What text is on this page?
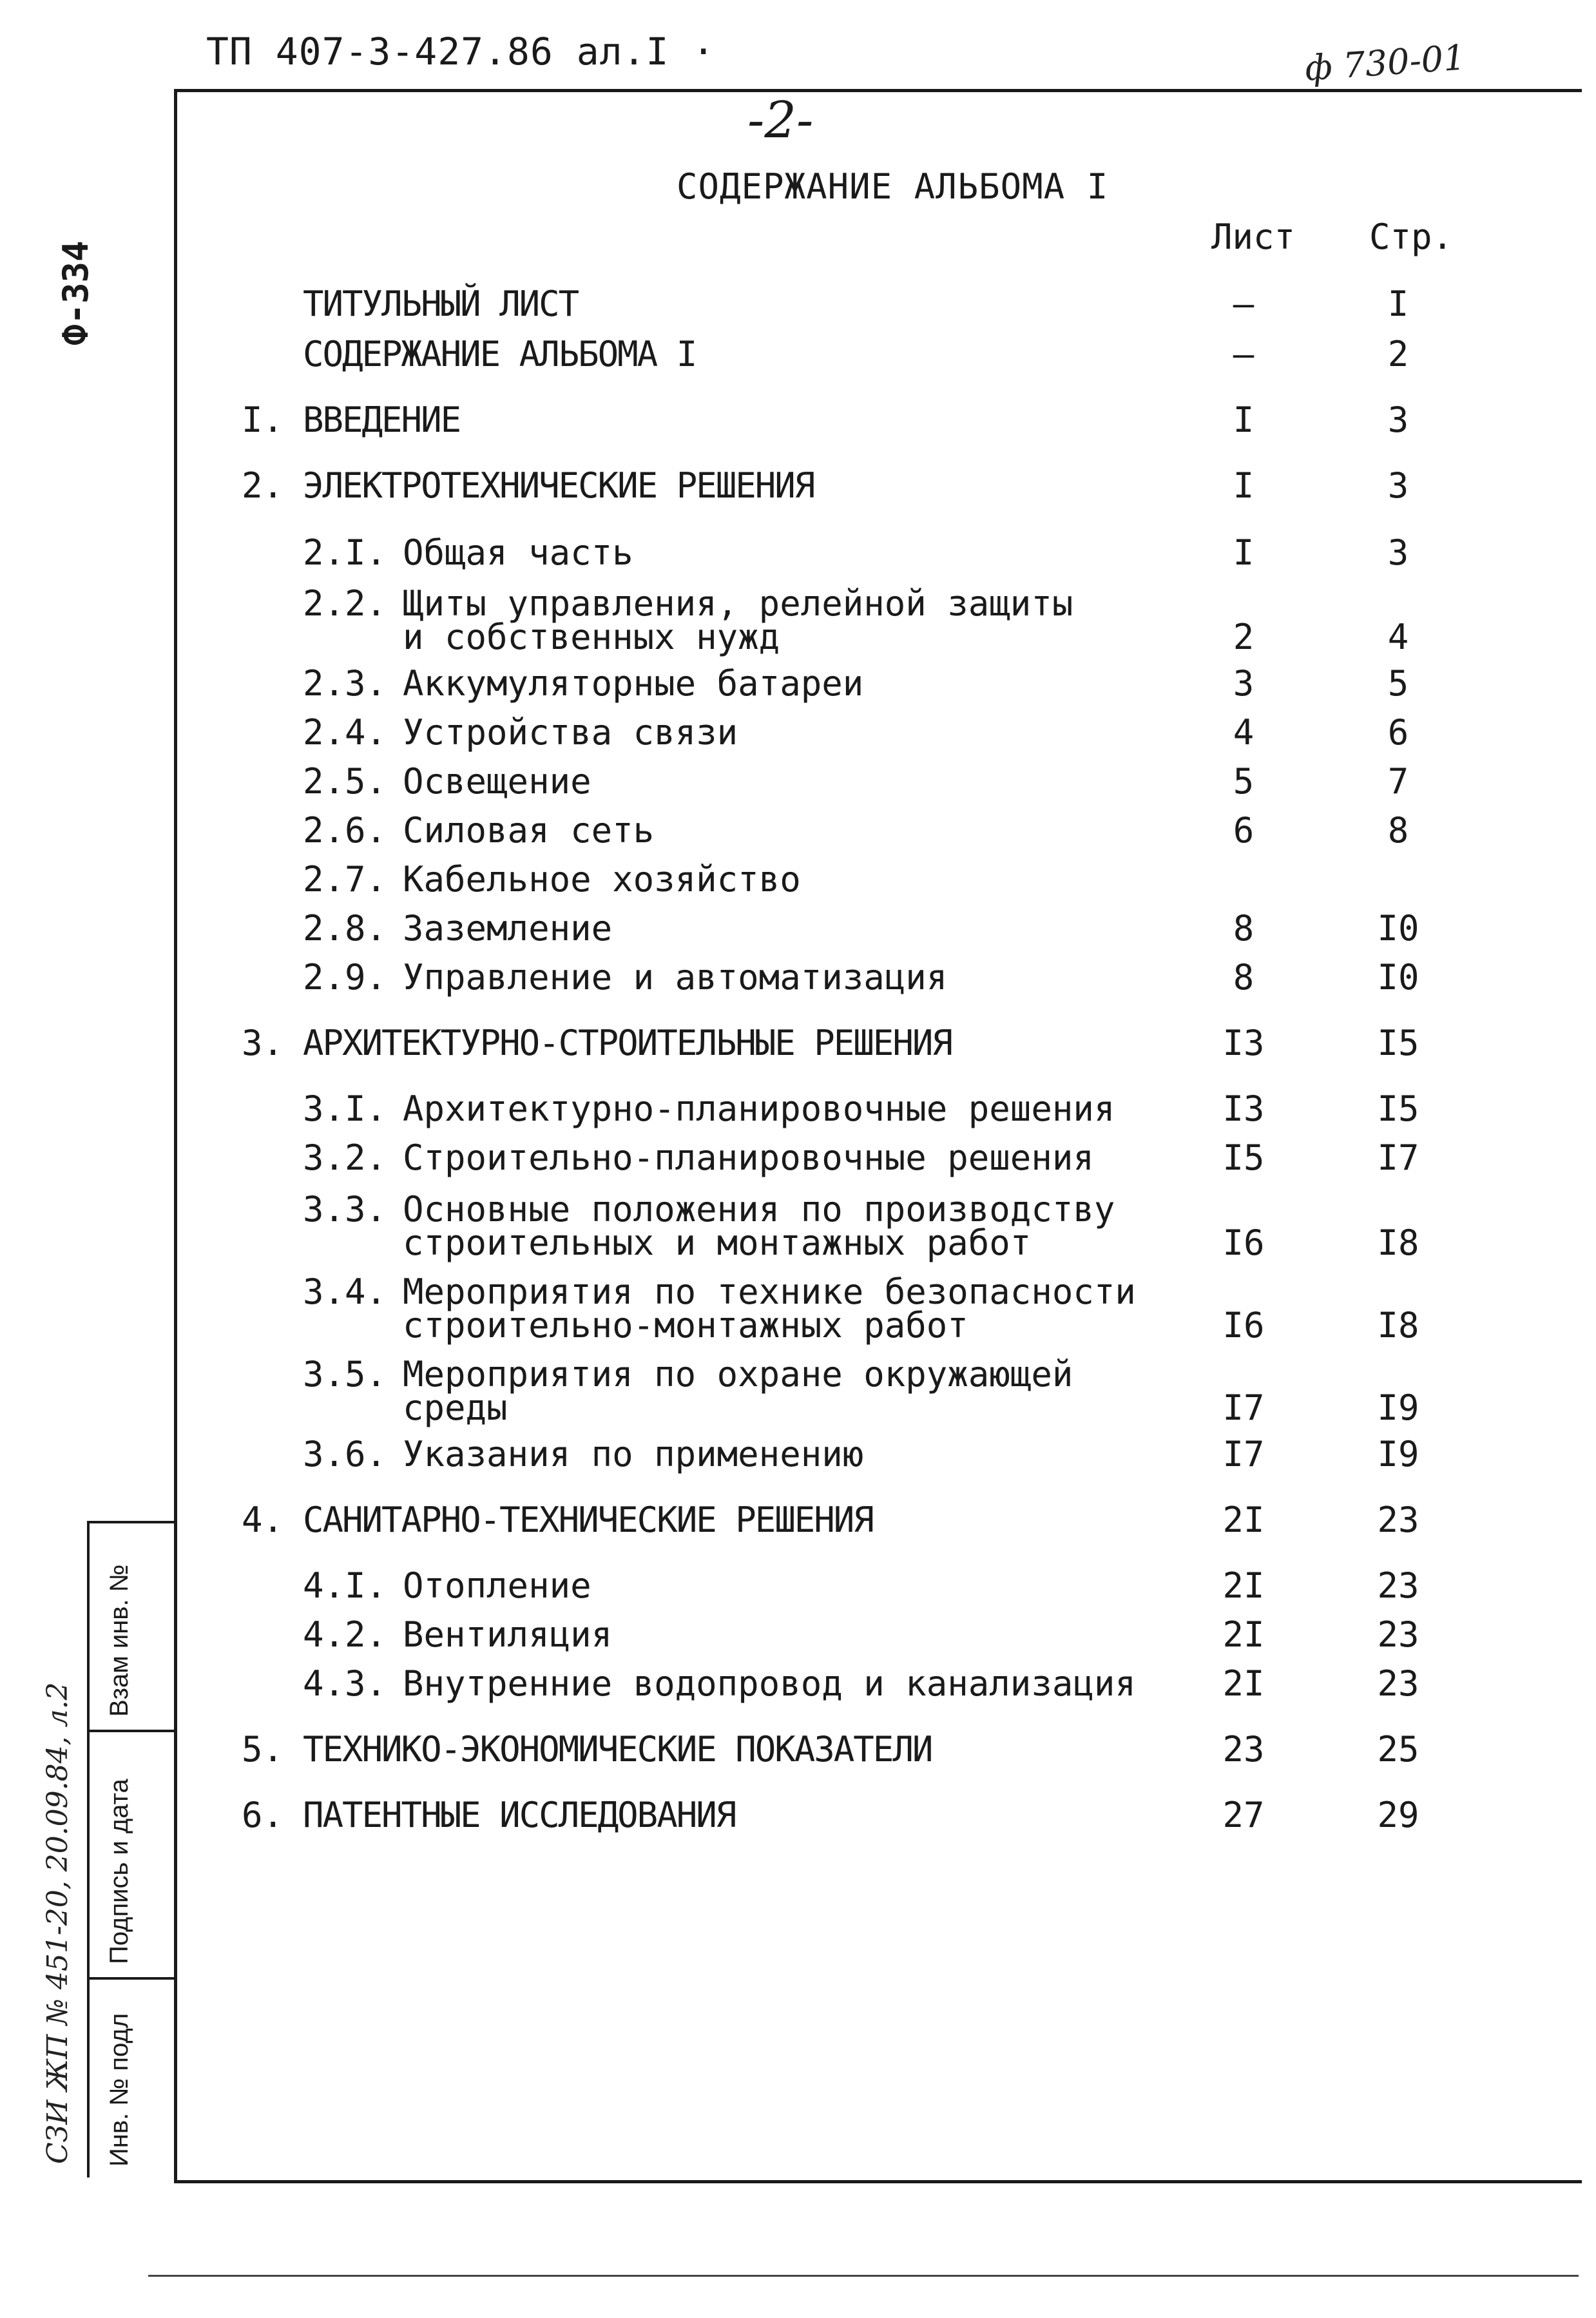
ТП 407-3-427.86 ал.I ·	ф 730-01
-2-
Ф-334
СОДЕРЖАНИЕ АЛЬБОМА I
Лист Стр.
ТИТУЛЬНЫЙ ЛИСТ	–	I
СОДЕРЖАНИЕ АЛЬБОМА I	–	2
I. ВВЕДЕНИЕ	I	3
2. ЭЛЕКТРОТЕХНИЧЕСКИЕ РЕШЕНИЯ	I	3
2.I. Общая часть	I	3
2.2. Щиты управления, релейной защиты
и собственных нужд	2	4
2.3. Аккумуляторные батареи	3	5
2.4. Устройства связи	4	6
2.5. Освещение	5	7
2.6. Силовая сеть	6	8
2.7. Кабельное хозяйство
2.8. Заземление	8	I0
2.9. Управление и автоматизация	8	I0
3. АРХИТЕКТУРНО-СТРОИТЕЛЬНЫЕ РЕШЕНИЯ	I3	I5
3.I. Архитектурно-планировочные решения	I3	I5
3.2. Строительно-планировочные решения	I5	I7
3.3. Основные положения по производству
строительных и монтажных работ	I6	I8
3.4. Мероприятия по технике безопасности
строительно-монтажных работ	I6	I8
3.5. Мероприятия по охране окружающей
среды	I7	I9
3.6. Указания по применению	I7	I9
4. САНИТАРНО-ТЕХНИЧЕСКИЕ РЕШЕНИЯ	2I	23
4.I. Отопление	2I	23
4.2. Вентиляция	2I	23
4.3. Внутренние водопровод и канализация	2I	23
5. ТЕХНИКО-ЭКОНОМИЧЕСКИЕ ПОКАЗАТЕЛИ	23	25
6. ПАТЕНТНЫЕ ИССЛЕДОВАНИЯ	27	29
Взам инв. №
Подпись и дата
Инв. № подл
СЗИ ЖП № 451-20, 20.09.84, л.2
